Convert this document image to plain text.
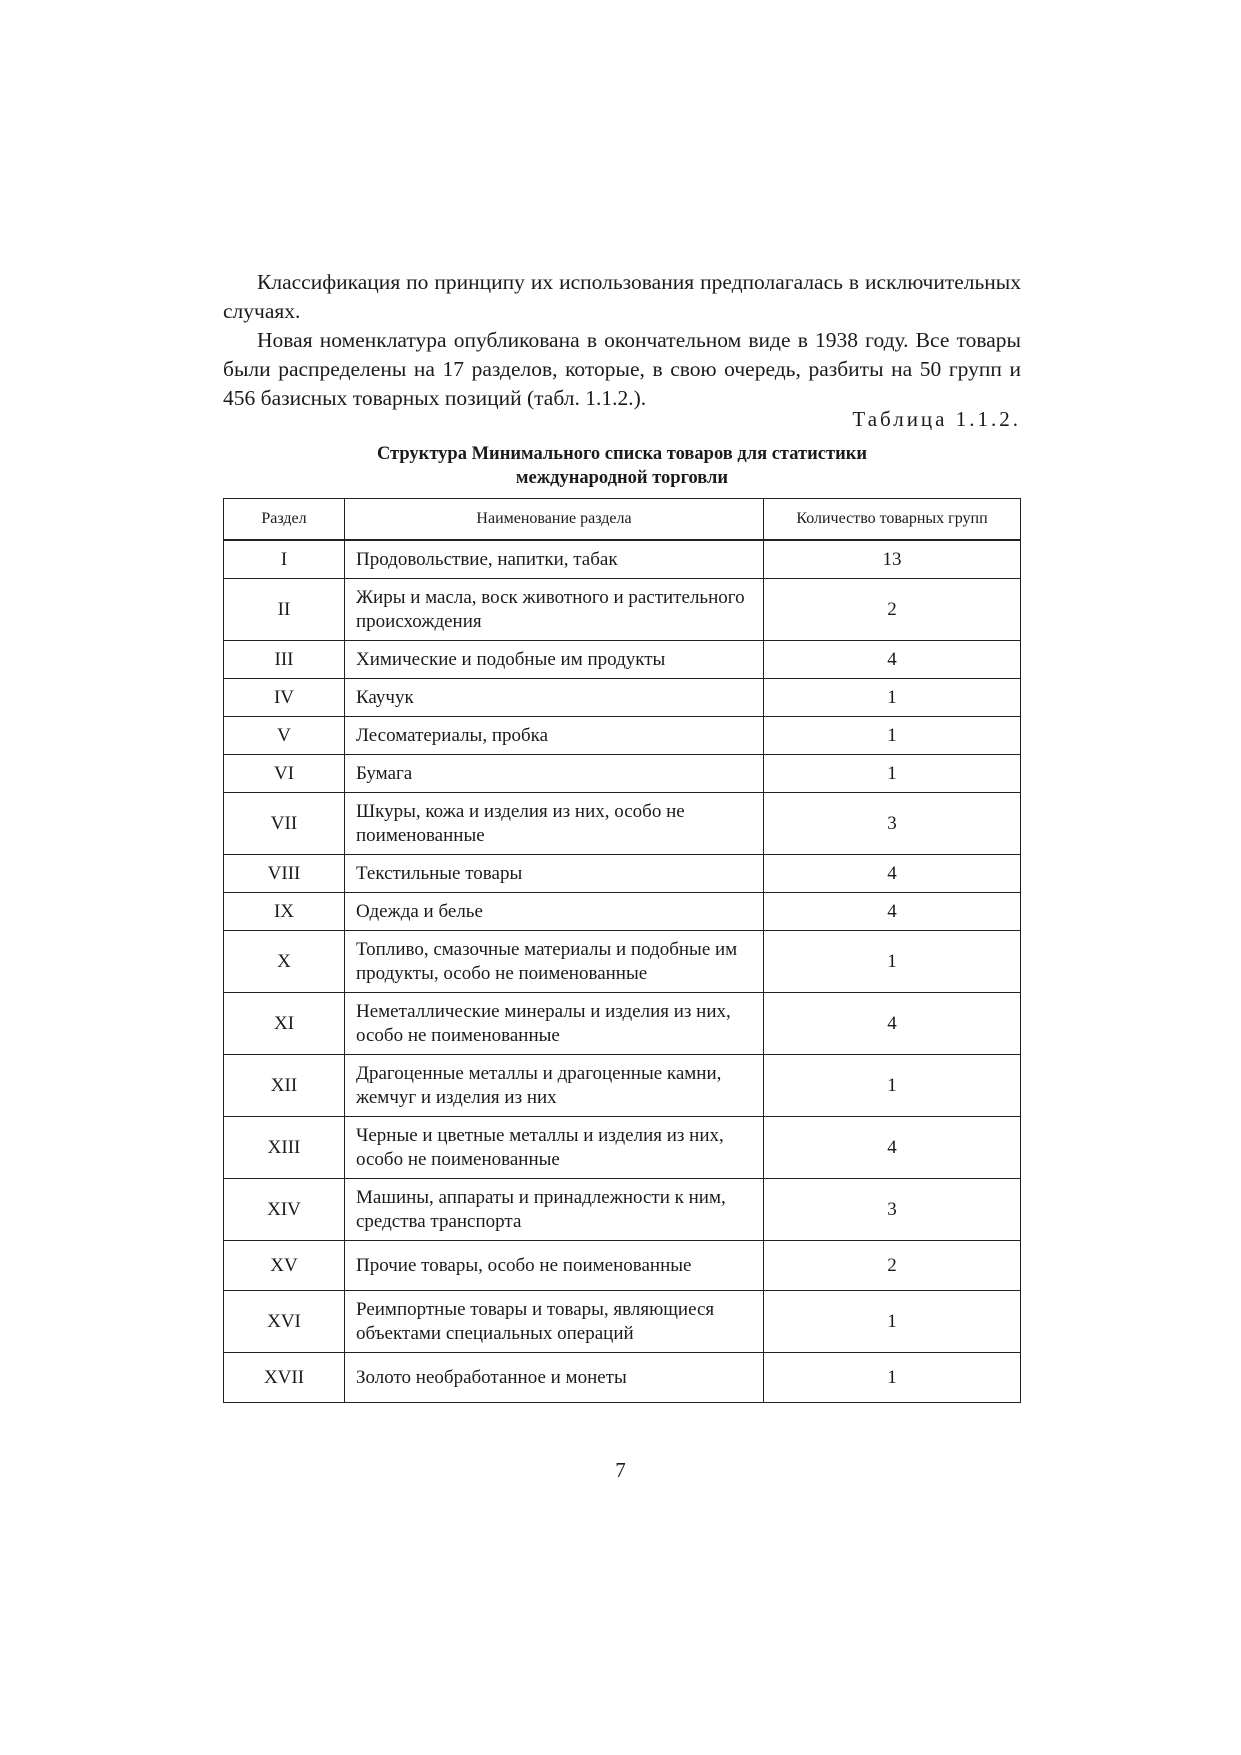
Классификация по принципу их использования предполагалась в исключительных случаях.

Новая номенклатура опубликована в окончательном виде в 1938 году. Все товары были распределены на 17 разделов, которые, в свою очередь, разбиты на 50 групп и 456 базисных товарных позиций (табл. 1.1.2.).

Таблица 1.1.2.
Структура Минимального списка товаров для статистики
международной торговли
Раздел	Наименование раздела	Количество товарных групп
I	Продовольствие, напитки, табак	13
II	Жиры и масла, воск животного и растительного происхождения	2
III	Химические и подобные им продукты	4
IV	Каучук	1
V	Лесоматериалы, пробка	1
VI	Бумага	1
VII	Шкуры, кожа и изделия из них, особо не поименованные	3
VIII	Текстильные товары	4
IX	Одежда и белье	4
X	Топливо, смазочные материалы и подобные им продукты, особо не поименованные	1
XI	Неметаллические минералы и изделия из них, особо не поименованные	4
XII	Драгоценные металлы и драгоценные камни, жемчуг и изделия из них	1
XIII	Черные и цветные металлы и изделия из них, особо не поименованные	4
XIV	Машины, аппараты и принадлежности к ним, средства транспорта	3
XV	Прочие товары, особо не поименованные	2
XVI	Реимпортные товары и товары, являющиеся объектами специальных операций	1
XVII	Золото необработанное и монеты	1
7
